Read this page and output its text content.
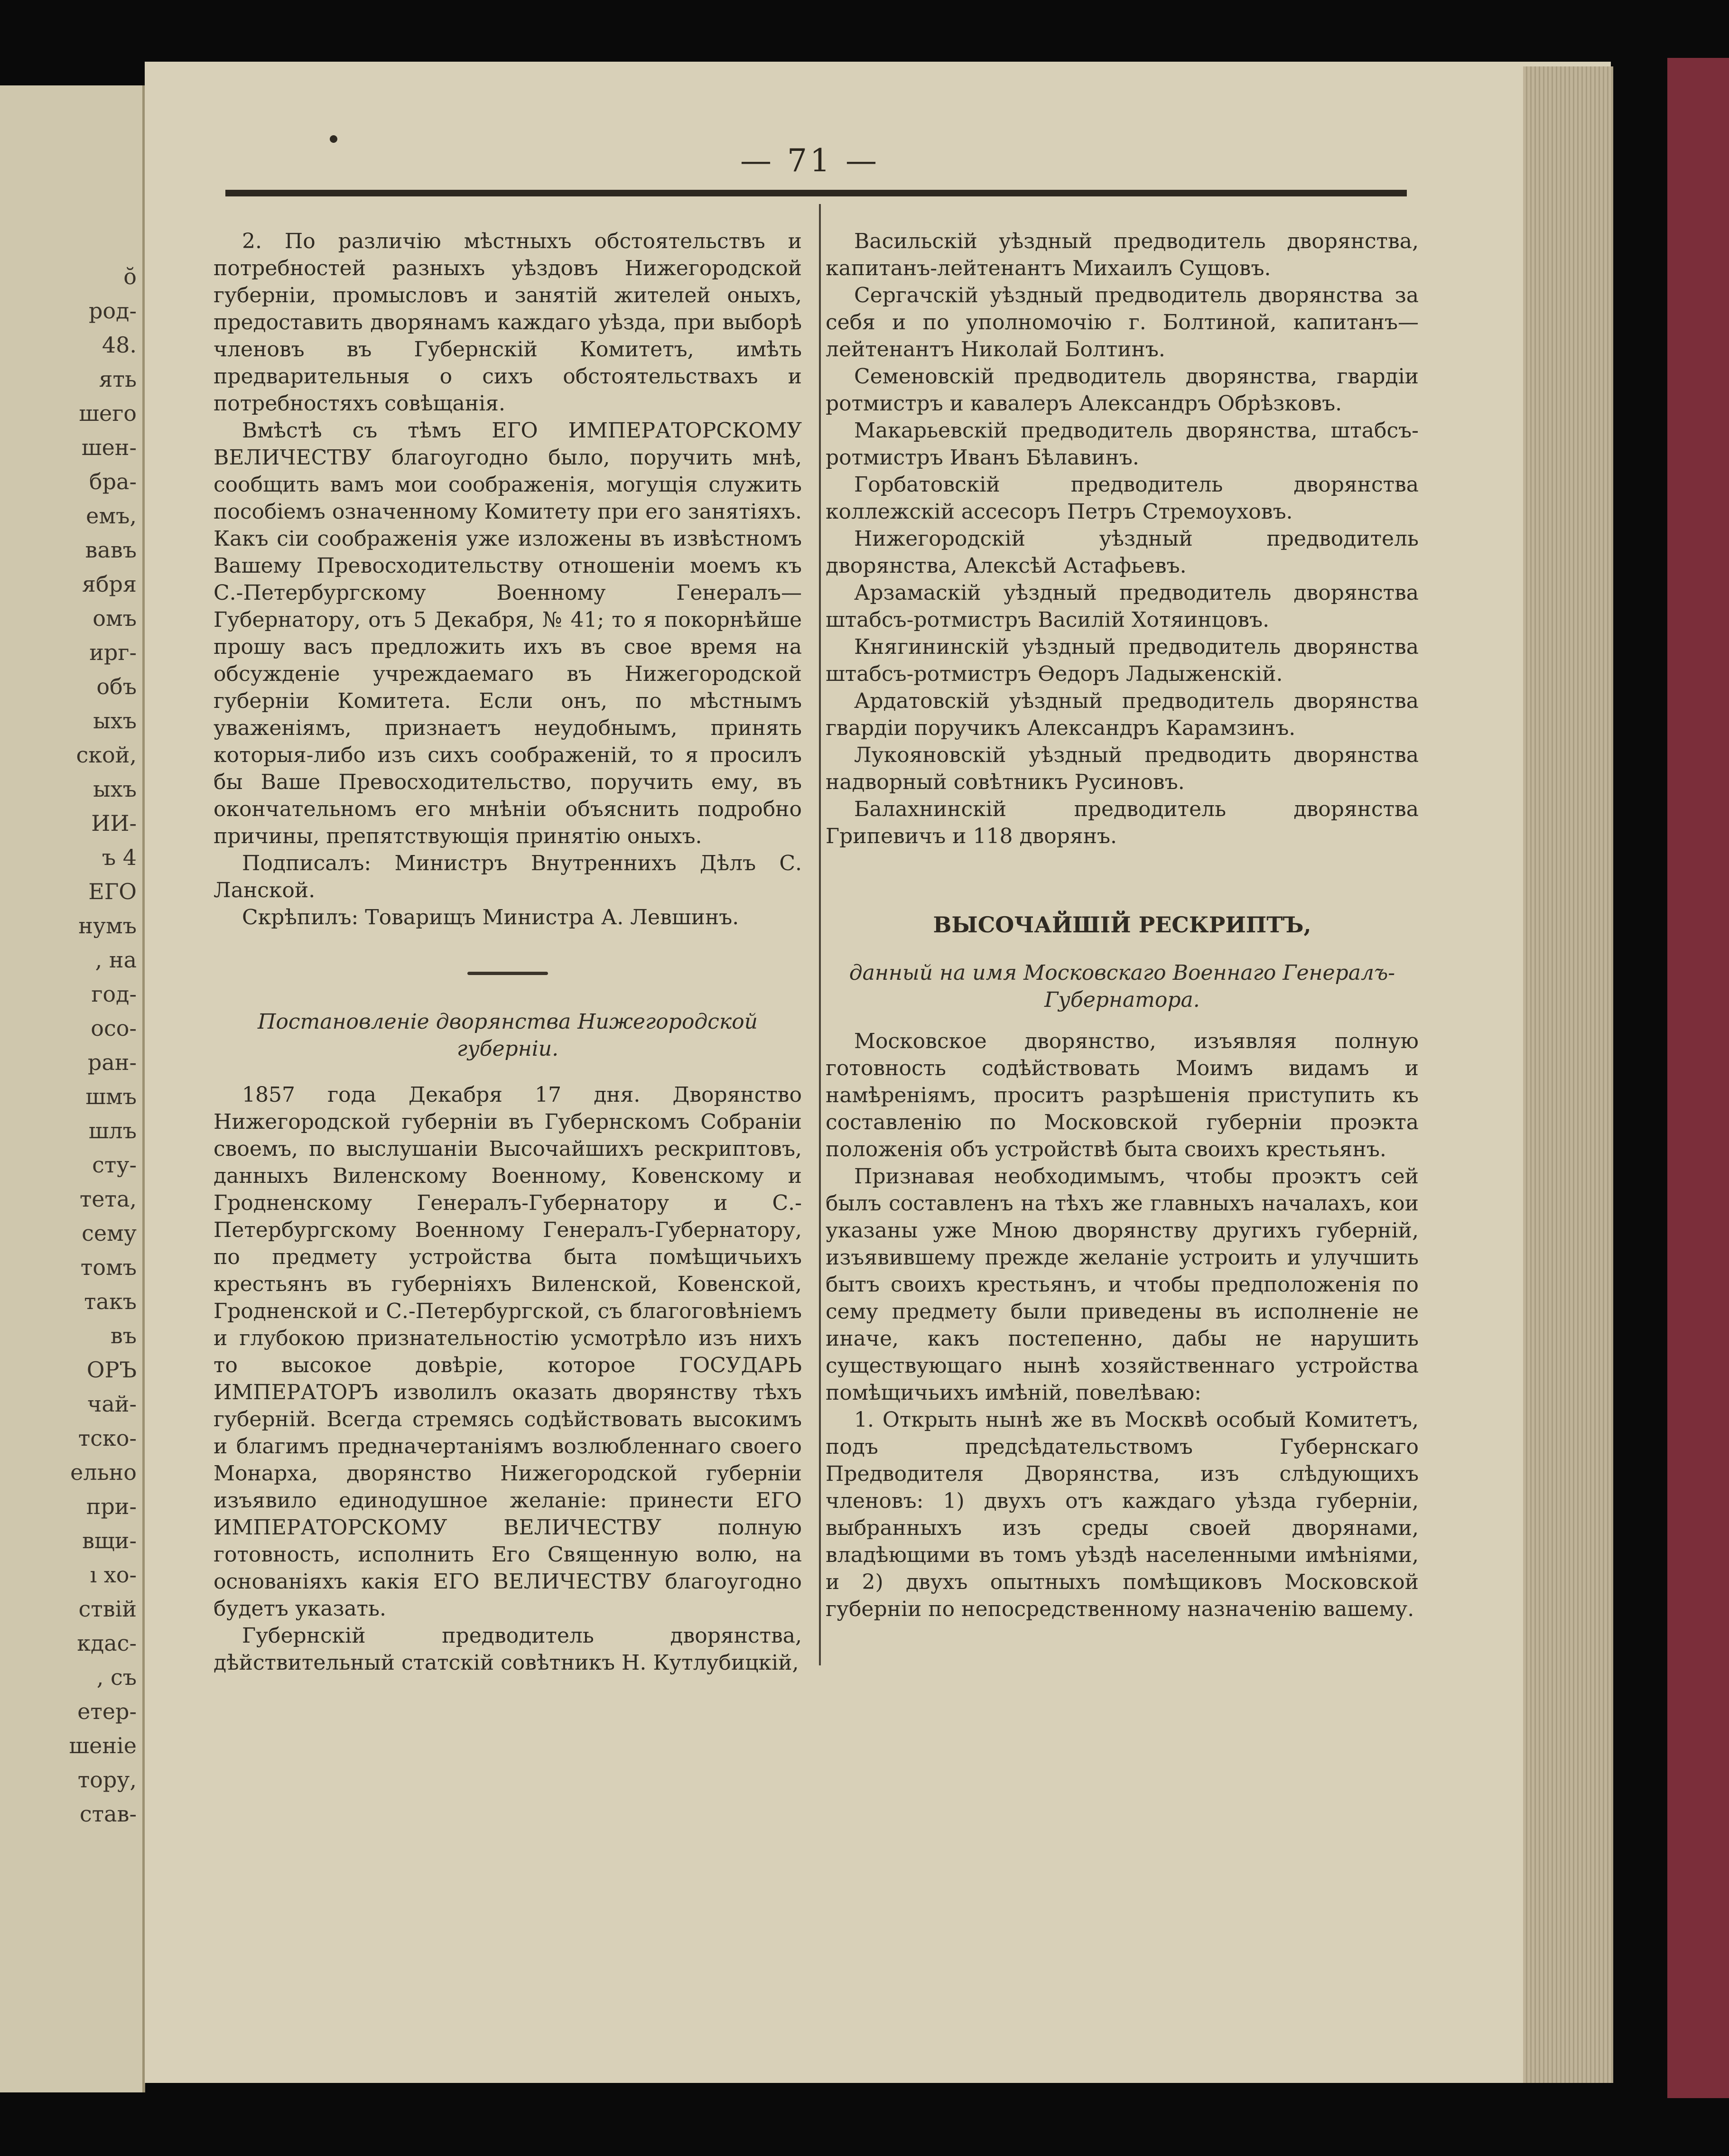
ŏ
род-
48.
ять
шего
шен-
бра-
емъ,
вавъ
ября
омъ
ирг-
объ
ыхъ
ской,
ыхъ
ИИ-
ъ 4
ЕГО
нумъ
, на
год-
осо-
ран-
шмъ
шлъ
сту-
тета,
сему
томъ
такъ
въ
ОРЪ
чай-
тско-
ельно
при-
вщи-
ı хо-
ствій
кдас-
, съ
етер-
шеніе
тору,
став-
— 71 —

2. По различію мѣстныхъ обстоятельствъ и потребностей разныхъ уѣздовъ Нижегородской губерніи, промысловъ и занятій жителей оныхъ, предоставить дворянамъ каждаго уѣзда, при выборѣ членовъ въ Губернскій Комитетъ, имѣть предварительныя о сихъ обстоятельствахъ и потребностяхъ совѣщанія.

Вмѣстѣ съ тѣмъ ЕГО ИМПЕРАТОРСКОМУ ВЕЛИЧЕСТВУ благоугодно было, поручить мнѣ, сообщить вамъ мои соображенія, могущія служить пособіемъ означенному Комитету при его занятіяхъ. Какъ сіи соображенія уже изложены въ извѣстномъ Вашему Превосходительству отношеніи моемъ къ С.-Петербургскому Военному Генералъ—Губернатору, отъ 5 Декабря, № 41; то я покорнѣйше прошу васъ предложить ихъ въ свое время на обсужденіе учреждаемаго въ Нижегородской губерніи Комитета. Если онъ, по мѣстнымъ уваженіямъ, признаетъ неудобнымъ, принять которыя-либо изъ сихъ соображеній, то я просилъ бы Ваше Превосходительство, поручить ему, въ окончательномъ его мнѣніи объяснить подробно причины, препятствующія принятію оныхъ.

Подписалъ: Министръ Внутреннихъ Дѣлъ С. Ланской.

Скрѣпилъ: Товарищъ Министра А. Левшинъ.

Постановленіе дворянства Нижегородской губерніи.

1857 года Декабря 17 дня. Дворянство Нижегородской губерніи въ Губернскомъ Собраніи своемъ, по выслушаніи Высочайшихъ рескриптовъ, данныхъ Виленскому Военному, Ковенскому и Гродненскому Генералъ-Губернатору и С.-Петербургскому Военному Генералъ-Губернатору, по предмету устройства быта помѣщичьихъ крестьянъ въ губерніяхъ Виленской, Ковенской, Гродненской и С.-Петербургской, съ благоговѣніемъ и глубокою признательностію усмотрѣло изъ нихъ то высокое довѣріе, которое ГОСУДАРЬ ИМПЕРАТОРЪ изволилъ оказать дворянству тѣхъ губерній. Всегда стремясь содѣйствовать высокимъ и благимъ предначертаніямъ возлюбленнаго своего Монарха, дворянство Нижегородской губерніи изъявило единодушное желаніе: принести ЕГО ИМПЕРАТОРСКОМУ ВЕЛИЧЕСТВУ полную готовность, исполнить Его Священную волю, на основаніяхъ какія ЕГО ВЕЛИЧЕСТВУ благоугодно будетъ указать.

Губернскій предводитель дворянства, дѣйствительный статскій совѣтникъ Н. Кутлубицкій,

Васильскій уѣздный предводитель дворянства, капитанъ-лейтенантъ Михаилъ Сущовъ.

Сергачскій уѣздный предводитель дворянства за себя и по уполномочію г. Болтиной, капитанъ—лейтенантъ Николай Болтинъ.

Семеновскій предводитель дворянства, гвардіи ротмистръ и кавалеръ Александръ Обрѣзковъ.

Макарьевскій предводитель дворянства, штабсъ-ротмистръ Иванъ Бѣлавинъ.

Горбатовскій предводитель дворянства коллежскій ассесоръ Петръ Стремоуховъ.

Нижегородскій уѣздный предводитель дворянства, Алексѣй Астафьевъ.

Арзамаскій уѣздный предводитель дворянства штабсъ-ротмистръ Василій Хотяинцовъ.

Княгининскій уѣздный предводитель дворянства штабсъ-ротмистръ Ѳедоръ Ладыженскій.

Ардатовскій уѣздный предводитель дворянства гвардіи поручикъ Александръ Карамзинъ.

Лукояновскій уѣздный предводить дворянства надворный совѣтникъ Русиновъ.

Балахнинскій предводитель дворянства Грипевичъ и 118 дворянъ.

ВЫСОЧАЙШІЙ РЕСКРИПТЪ,

данный на имя Московскаго Военнаго Генералъ-Губернатора.

Московское дворянство, изъявляя полную готовность содѣйствовать Моимъ видамъ и намѣреніямъ, проситъ разрѣшенія приступить къ составленію по Московской губерніи проэкта положенія объ устройствѣ быта своихъ крестьянъ.

Признавая необходимымъ, чтобы проэктъ сей былъ составленъ на тѣхъ же главныхъ началахъ, кои указаны уже Мною дворянству другихъ губерній, изъявившему прежде желаніе устроить и улучшить бытъ своихъ крестьянъ, и чтобы предположенія по сему предмету были приведены въ исполненіе не иначе, какъ постепенно, дабы не нарушить существующаго нынѣ хозяйственнаго устройства помѣщичьихъ имѣній, повелѣваю:

1. Открыть нынѣ же въ Москвѣ особый Комитетъ, подъ предсѣдательствомъ Губернскаго Предводителя Дворянства, изъ слѣдующихъ членовъ: 1) двухъ отъ каждаго уѣзда губерніи, выбранныхъ изъ среды своей дворянами, владѣющими въ томъ уѣздѣ населенными имѣніями, и 2) двухъ опытныхъ помѣщиковъ Московской губерніи по непосредственному назначенію вашему.
